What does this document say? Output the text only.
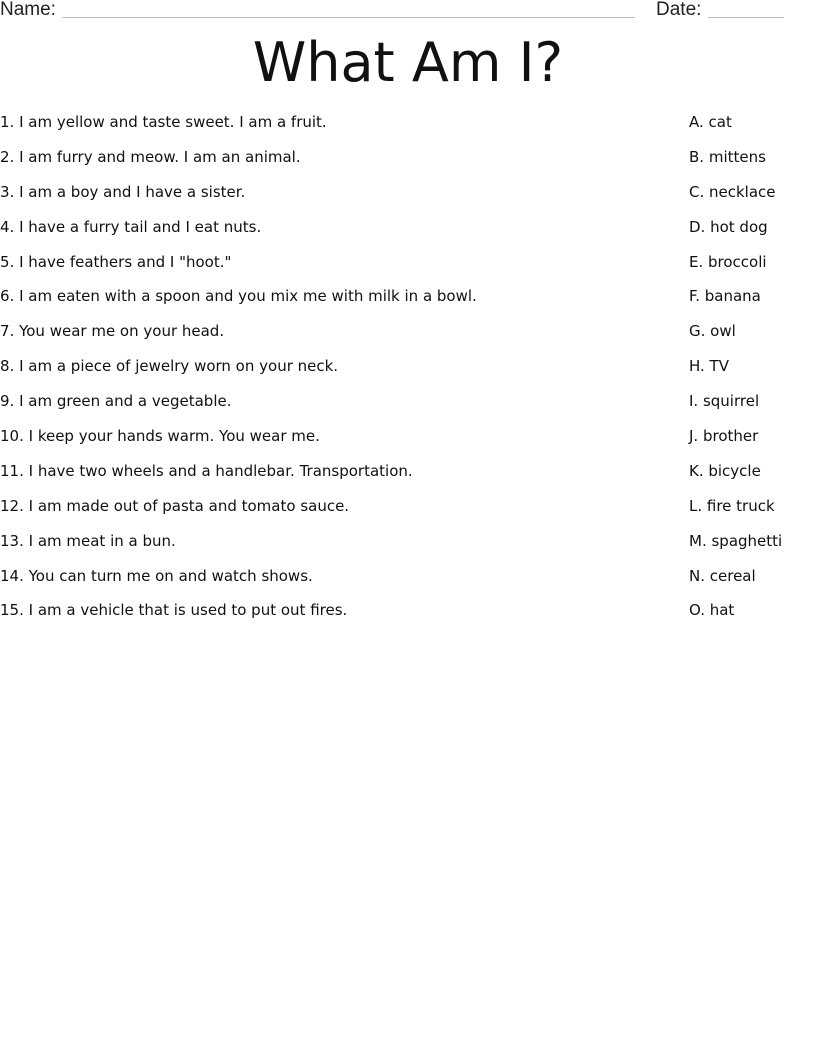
Name:	Date:
What Am I?
1. I am yellow and taste sweet. I am a fruit.	A. cat
2. I am furry and meow. I am an animal.	B. mittens
3. I am a boy and I have a sister.	C. necklace
4. I have a furry tail and I eat nuts.	D. hot dog
5. I have feathers and I "hoot."	E. broccoli
6. I am eaten with a spoon and you mix me with milk in a bowl.	F. banana
7. You wear me on your head.	G. owl
8. I am a piece of jewelry worn on your neck.	H. TV
9. I am green and a vegetable.	I. squirrel
10. I keep your hands warm. You wear me.	J. brother
11. I have two wheels and a handlebar. Transportation.	K. bicycle
12. I am made out of pasta and tomato sauce.	L. fire truck
13. I am meat in a bun.	M. spaghetti
14. You can turn me on and watch shows.	N. cereal
15. I am a vehicle that is used to put out fires.	O. hat
